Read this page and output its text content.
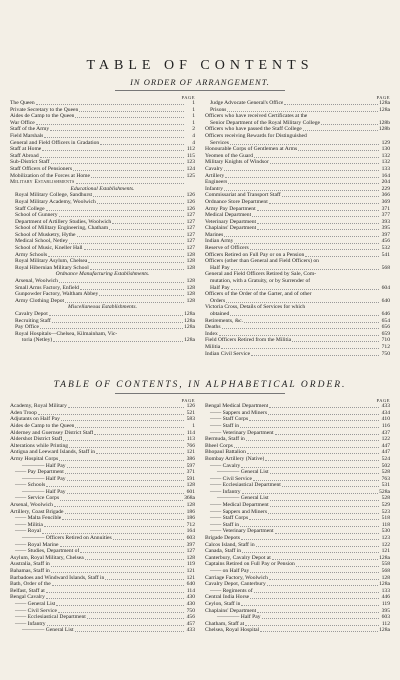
TABLE OF CONTENTS
IN ORDER OF ARRANGEMENT.
PAGE
The Queen	1
Private Secretary to the Queen	1
Aides de Camp to the Queen	1
War Office	1
Staff of the Army	2
Field Marshals	4
General and Field Officers in Gradation	4
Staff at Home	112
Staff Abroad	115
Sub-District Staff	123
Staff Officers of Pensioners	124
Mobilization of the Forces at Home	125
Military Establishments
Educational Establishments.
Royal Military College, Sandhurst	126
Royal Military Academy, Woolwich	126
Staff College	126
School of Gunnery	127
Department of Artillery Studies, Woolwich	127
School of Military Engineering, Chatham	127
School of Musketry, Hythe	127
Medical School, Netley	127
School of Music, Kneller Hall	127
Army Schools	128
Royal Military Asylum, Chelsea	128
Royal Hibernian Military School	128
Ordnance Manufacturing Establishments.
Arsenal, Woolwich	128
Small Arms Factory, Enfield	128
Gunpowder Factory, Waltham Abbey	128
Army Clothing Depot	128
Miscellaneous Establishments.
Cavalry Depot	128a
Recruiting Staff	128a
Pay Office	128a
Royal Hospitals—Chelsea, Kilmainham, Vic-
toria (Netley)	128a
PAGE
Judge Advocate General's Office	128a
Prisons	128a
Officers who have received Certificates at the
Senior Department of the Royal Military College	128b
Officers who have passed the Staff College	128b
Officers receiving Rewards for Distinguished
Services	129
Honourable Corps of Gentlemen at Arms	130
Yeomen of the Guard	132
Military Knights of Windsor	132
Cavalry	133
Artillery	164
Engineers	204
Infantry	229
Commissariat and Transport Staff	366
Ordnance Store Department	369
Army Pay Department	371
Medical Department	377
Veterinary Department	393
Chaplains' Department	395
Marines	397
Indian Army	456
Reserve of Officers	532
Officers Retired on Full Pay or on a Pension	541
Officers (other than General and Field Officers) on
Half Pay	568
General and Field Officers Retired by Sale, Com-
mutation, with a Gratuity, or by Surrender of
Half Pay	604
Officers of the Order of the Garter, and of other
Orders	640
Victoria Cross, Details of Services for which
obtained	646
Retirements, &c.	654
Deaths	656
Index	659
Field Officers Retired from the Militia	710
Militia	712
Indian Civil Service	750
TABLE OF CONTENTS, IN ALPHABETICAL ORDER.
PAGE
Academy, Royal Military	126
Aden Troop	521
Adjutants on Half Pay	583
Aides de Camp to the Queen	1
Alderney and Guernsey District Staff	114
Aldershot District Staff	113
Alterations while Printing	766
Antigua and Leeward Islands, Staff in	121
Army Hospital Corps	386
———— Half Pay	597
—— Pay Department	371
———— Half Pay	591
—— Schools	128
———— Half Pay	601
—— Service Corps	368a
Arsenal, Woolwich	128
Artillery, Coast Brigade	186
—— Malta Fencible	186
—— Militia	712
—— Royal	164
———— Officers Retired on Annuities	603
—— Royal Marine	397
—— Studies, Department of	127
Asylum, Royal Military, Chelsea	128
Australia, Staff in	119
Bahamas, Staff in	121
Barbadoes and Windward Islands, Staff in	121
Bath, Order of the	640
Belfast, Staff at	114
Bengal Cavalry	430
—— General List	430
—— Civil Service	750
—— Ecclesiastical Department	456
—— Infantry	457
———— General List	433
PAGE
Bengal Medical Department	433
—— Sappers and Miners	434
—— Staff Corps	410
—— Staff in	116
—— Veterinary Department	437
Bermuda, Staff in	122
Bheel Corps	447
Bhopaul Battalion	447
Bombay Artillery (Native)	524
—— Cavalry	502
———— General List	528
—— Civil Service	763
—— Ecclesiastical Department	531
—— Infantry	528a
———— General List	528
—— Medical Department	529
—— Sappers and Miners	523
—— Staff Corps	518
—— Staff in	118
—— Veterinary Department	530
Brigade Depots	123
Calcos Island, Staff in	122
Canada, Staff in	121
Canterbury, Cavalry Depot at	128a
Captains Retired on Full Pay or Pension	558
—— on Half Pay	568
Carriage Factory, Woolwich	128
Cavalry Depot, Canterbury	128a
—— Regiments of	133
Central India Horse	446
Ceylon, Staff in	119
Chaplains' Department	395
———— Half Pay	603
Chatham, Staff at	112
Chelsea, Royal Hospital	128a
